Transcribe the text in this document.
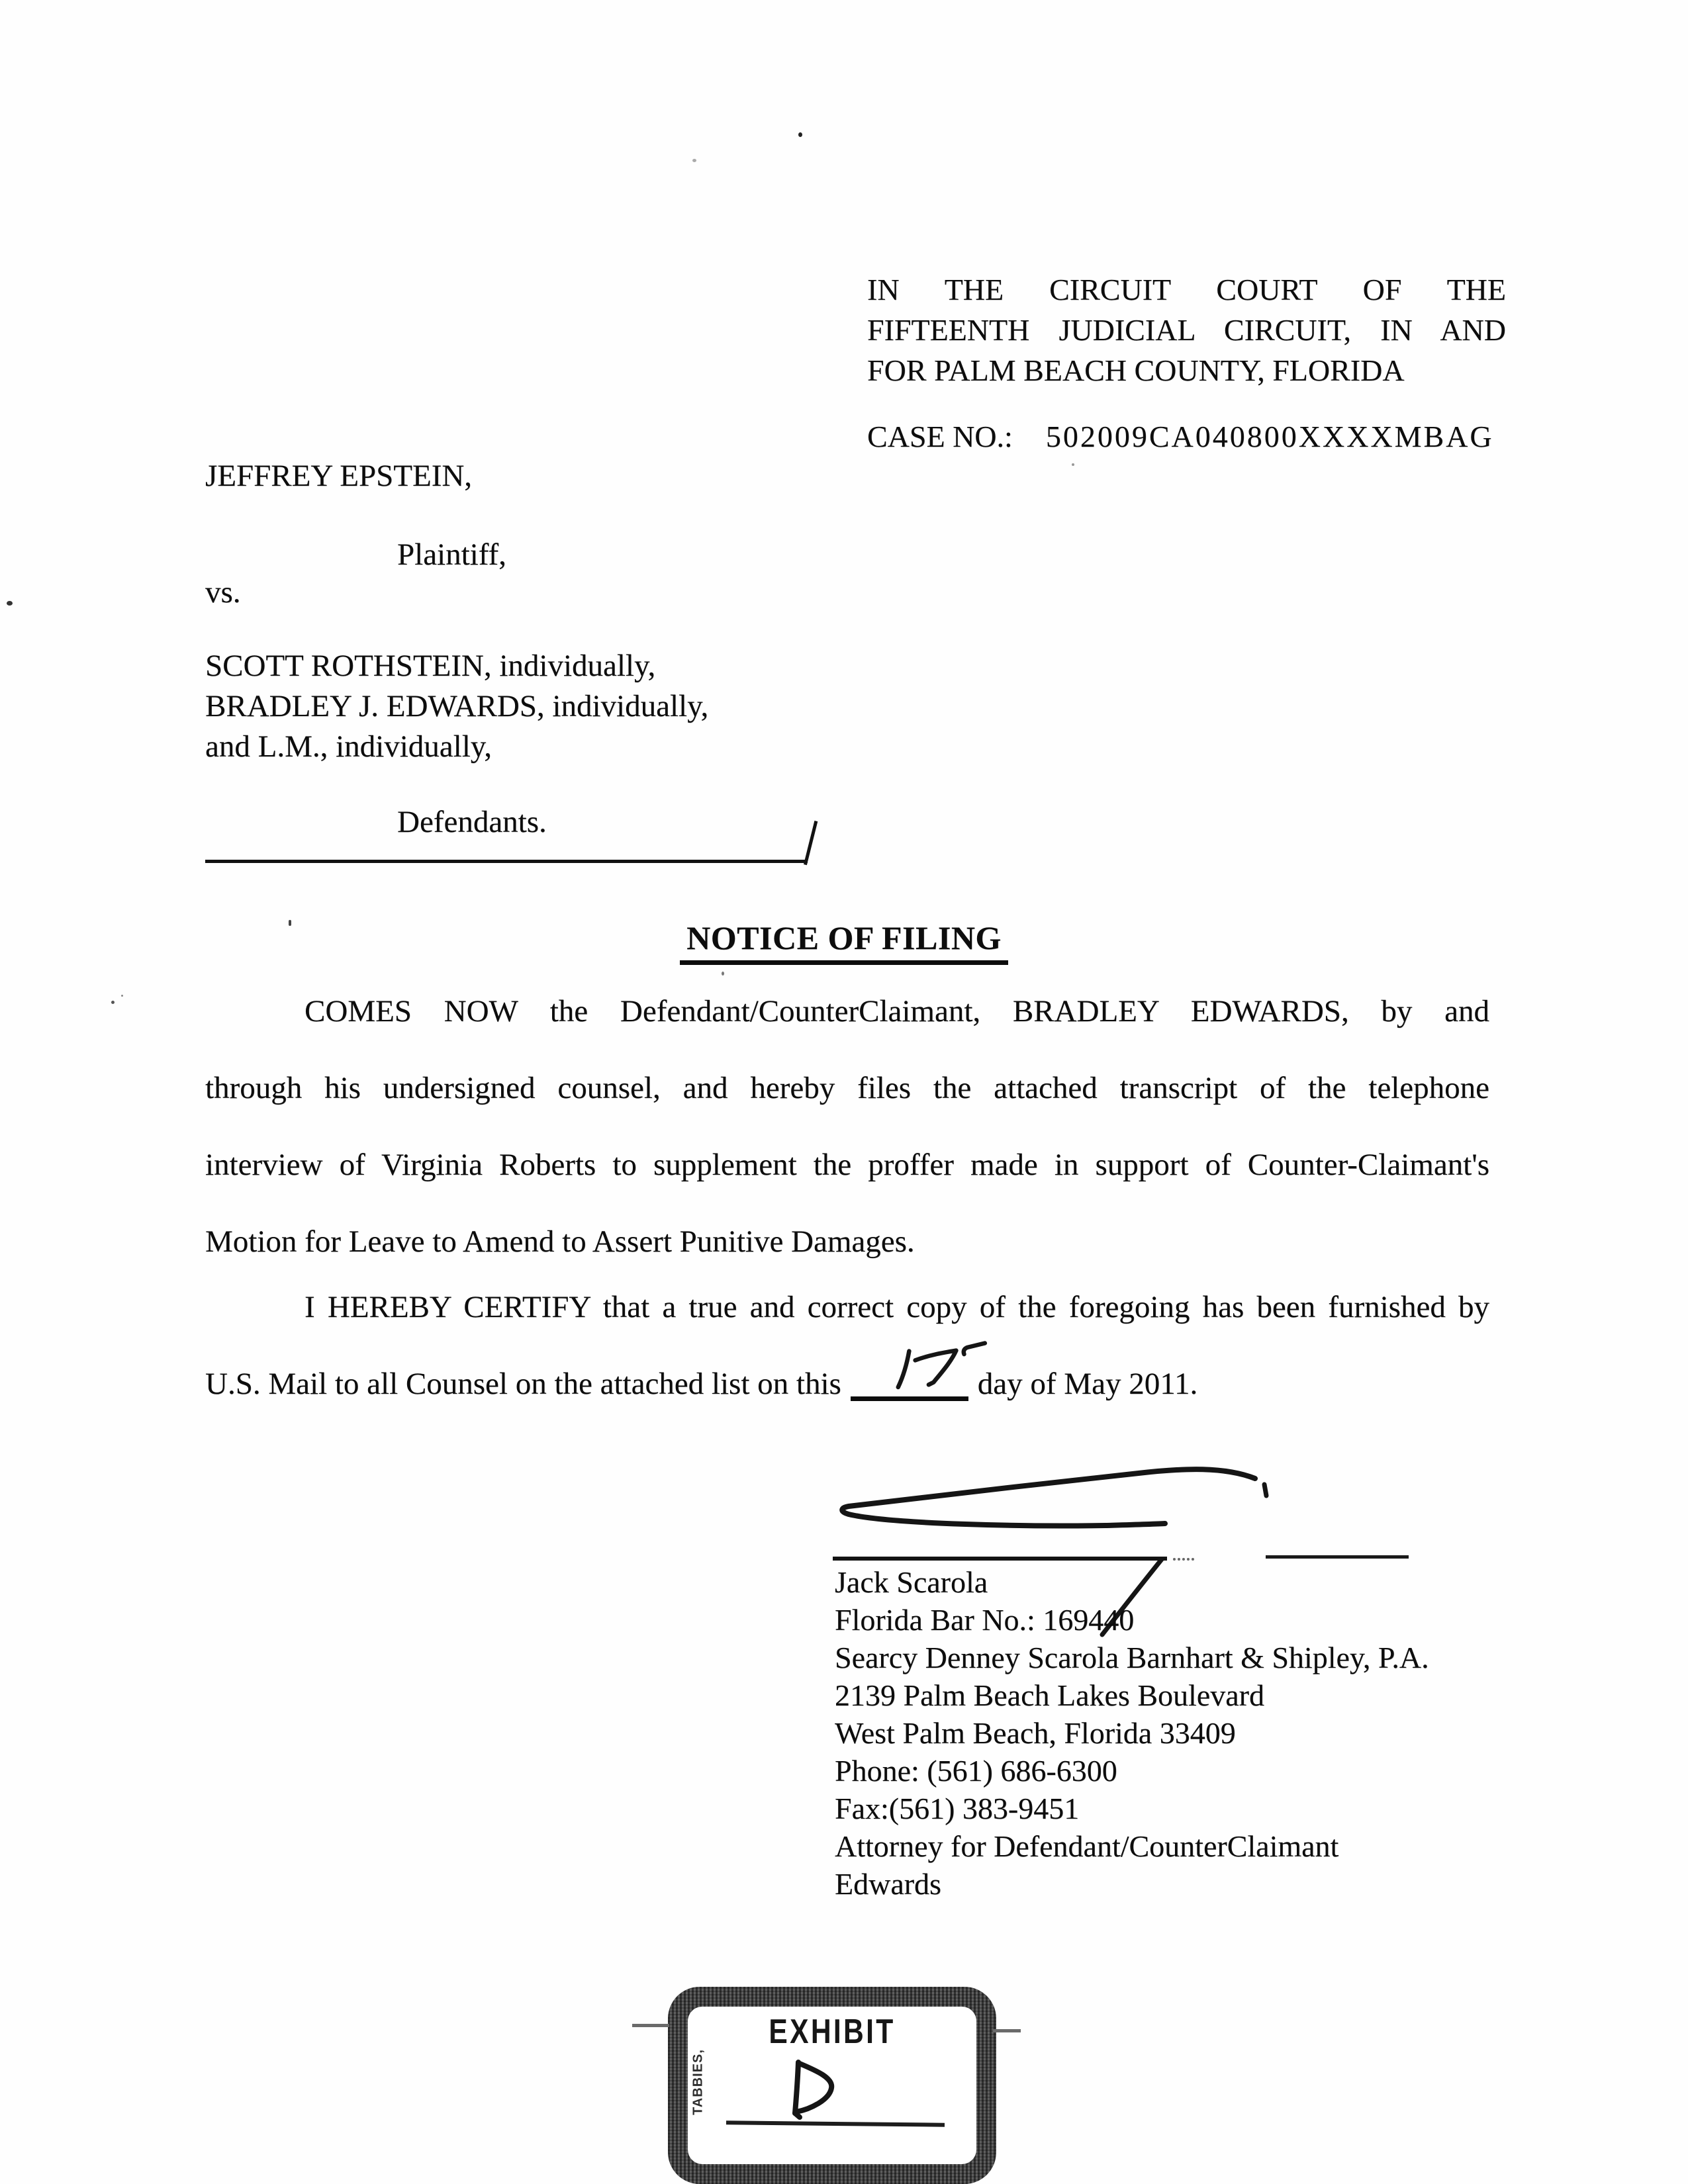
IN THE CIRCUIT COURT OF THE
FIFTEENTH JUDICIAL CIRCUIT, IN AND
FOR PALM BEACH COUNTY, FLORIDA
CASE NO.: 502009CA040800XXXXMBAG
JEFFREY EPSTEIN,
Plaintiff,
vs.
SCOTT ROTHSTEIN, individually,
BRADLEY J. EDWARDS, individually,
and L.M., individually,
Defendants.
NOTICE OF FILING
COMES NOW the Defendant/CounterClaimant, BRADLEY EDWARDS, by and
through his undersigned counsel, and hereby files the attached transcript of the telephone
interview of Virginia Roberts to supplement the proffer made in support of Counter-Claimant's
Motion for Leave to Amend to Assert Punitive Damages.
I HEREBY CERTIFY that a true and correct copy of the foregoing has been furnished by
U.S. Mail to all Counsel on the attached list on this	day of May 2011.
Jack Scarola
Florida Bar No.: 169440
Searcy Denney Scarola Barnhart & Shipley, P.A.
2139 Palm Beach Lakes Boulevard
West Palm Beach, Florida 33409
Phone: (561) 686-6300
Fax:(561) 383-9451
Attorney for Defendant/CounterClaimant
Edwards
EXHIBIT
TABBIES,
